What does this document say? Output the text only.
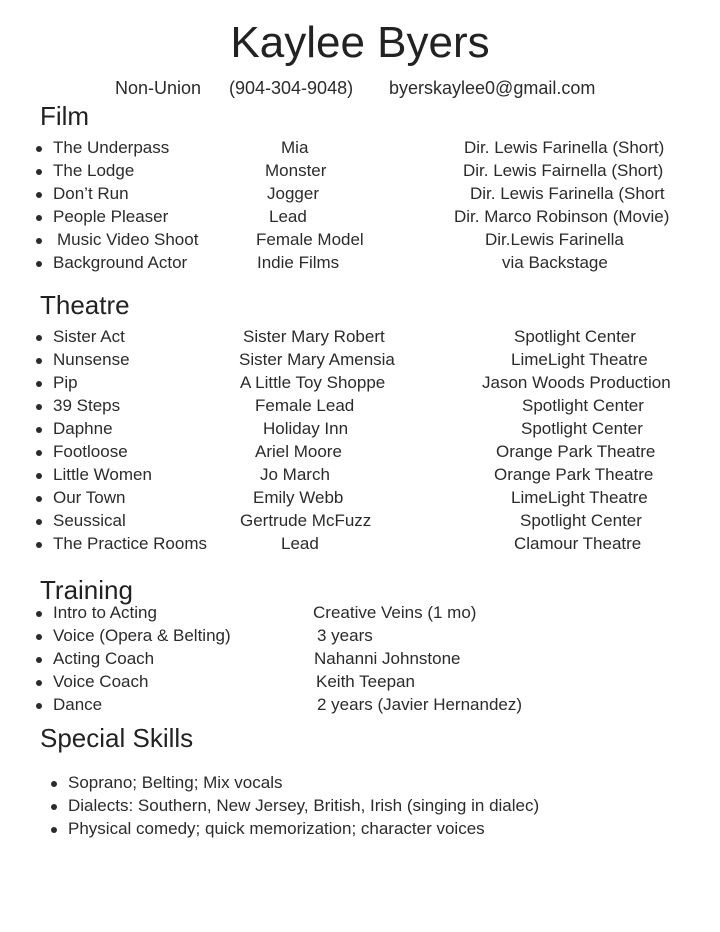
Kaylee Byers
Non-Union (904-304-9048) byerskaylee0@gmail.com
Film
The Underpass	Mia	Dir. Lewis Farinella (Short)
The Lodge	Monster	Dir. Lewis Fairnella (Short)
Don’t Run	Jogger	Dir. Lewis Farinella (Short
People Pleaser	Lead	Dir. Marco Robinson (Movie)
Music Video Shoot	Female Model	Dir.Lewis Farinella
Background Actor	Indie Films	via Backstage
Theatre
Sister Act	Sister Mary Robert	Spotlight Center
Nunsense	Sister Mary Amensia	LimeLight Theatre
Pip	A Little Toy Shoppe	Jason Woods Production
39 Steps	Female Lead	Spotlight Center
Daphne	Holiday Inn	Spotlight Center
Footloose	Ariel Moore	Orange Park Theatre
Little Women	Jo March	Orange Park Theatre
Our Town	Emily Webb	LimeLight Theatre
Seussical	Gertrude McFuzz	Spotlight Center
The Practice Rooms	Lead	Clamour Theatre
Training
Intro to Acting	Creative Veins (1 mo)
Voice (Opera & Belting)	3 years
Acting Coach	Nahanni Johnstone
Voice Coach	Keith Teepan
Dance	2 years (Javier Hernandez)
Special Skills
Soprano; Belting; Mix vocals
Dialects: Southern, New Jersey, British, Irish (singing in dialec)
Physical comedy; quick memorization; character voices
